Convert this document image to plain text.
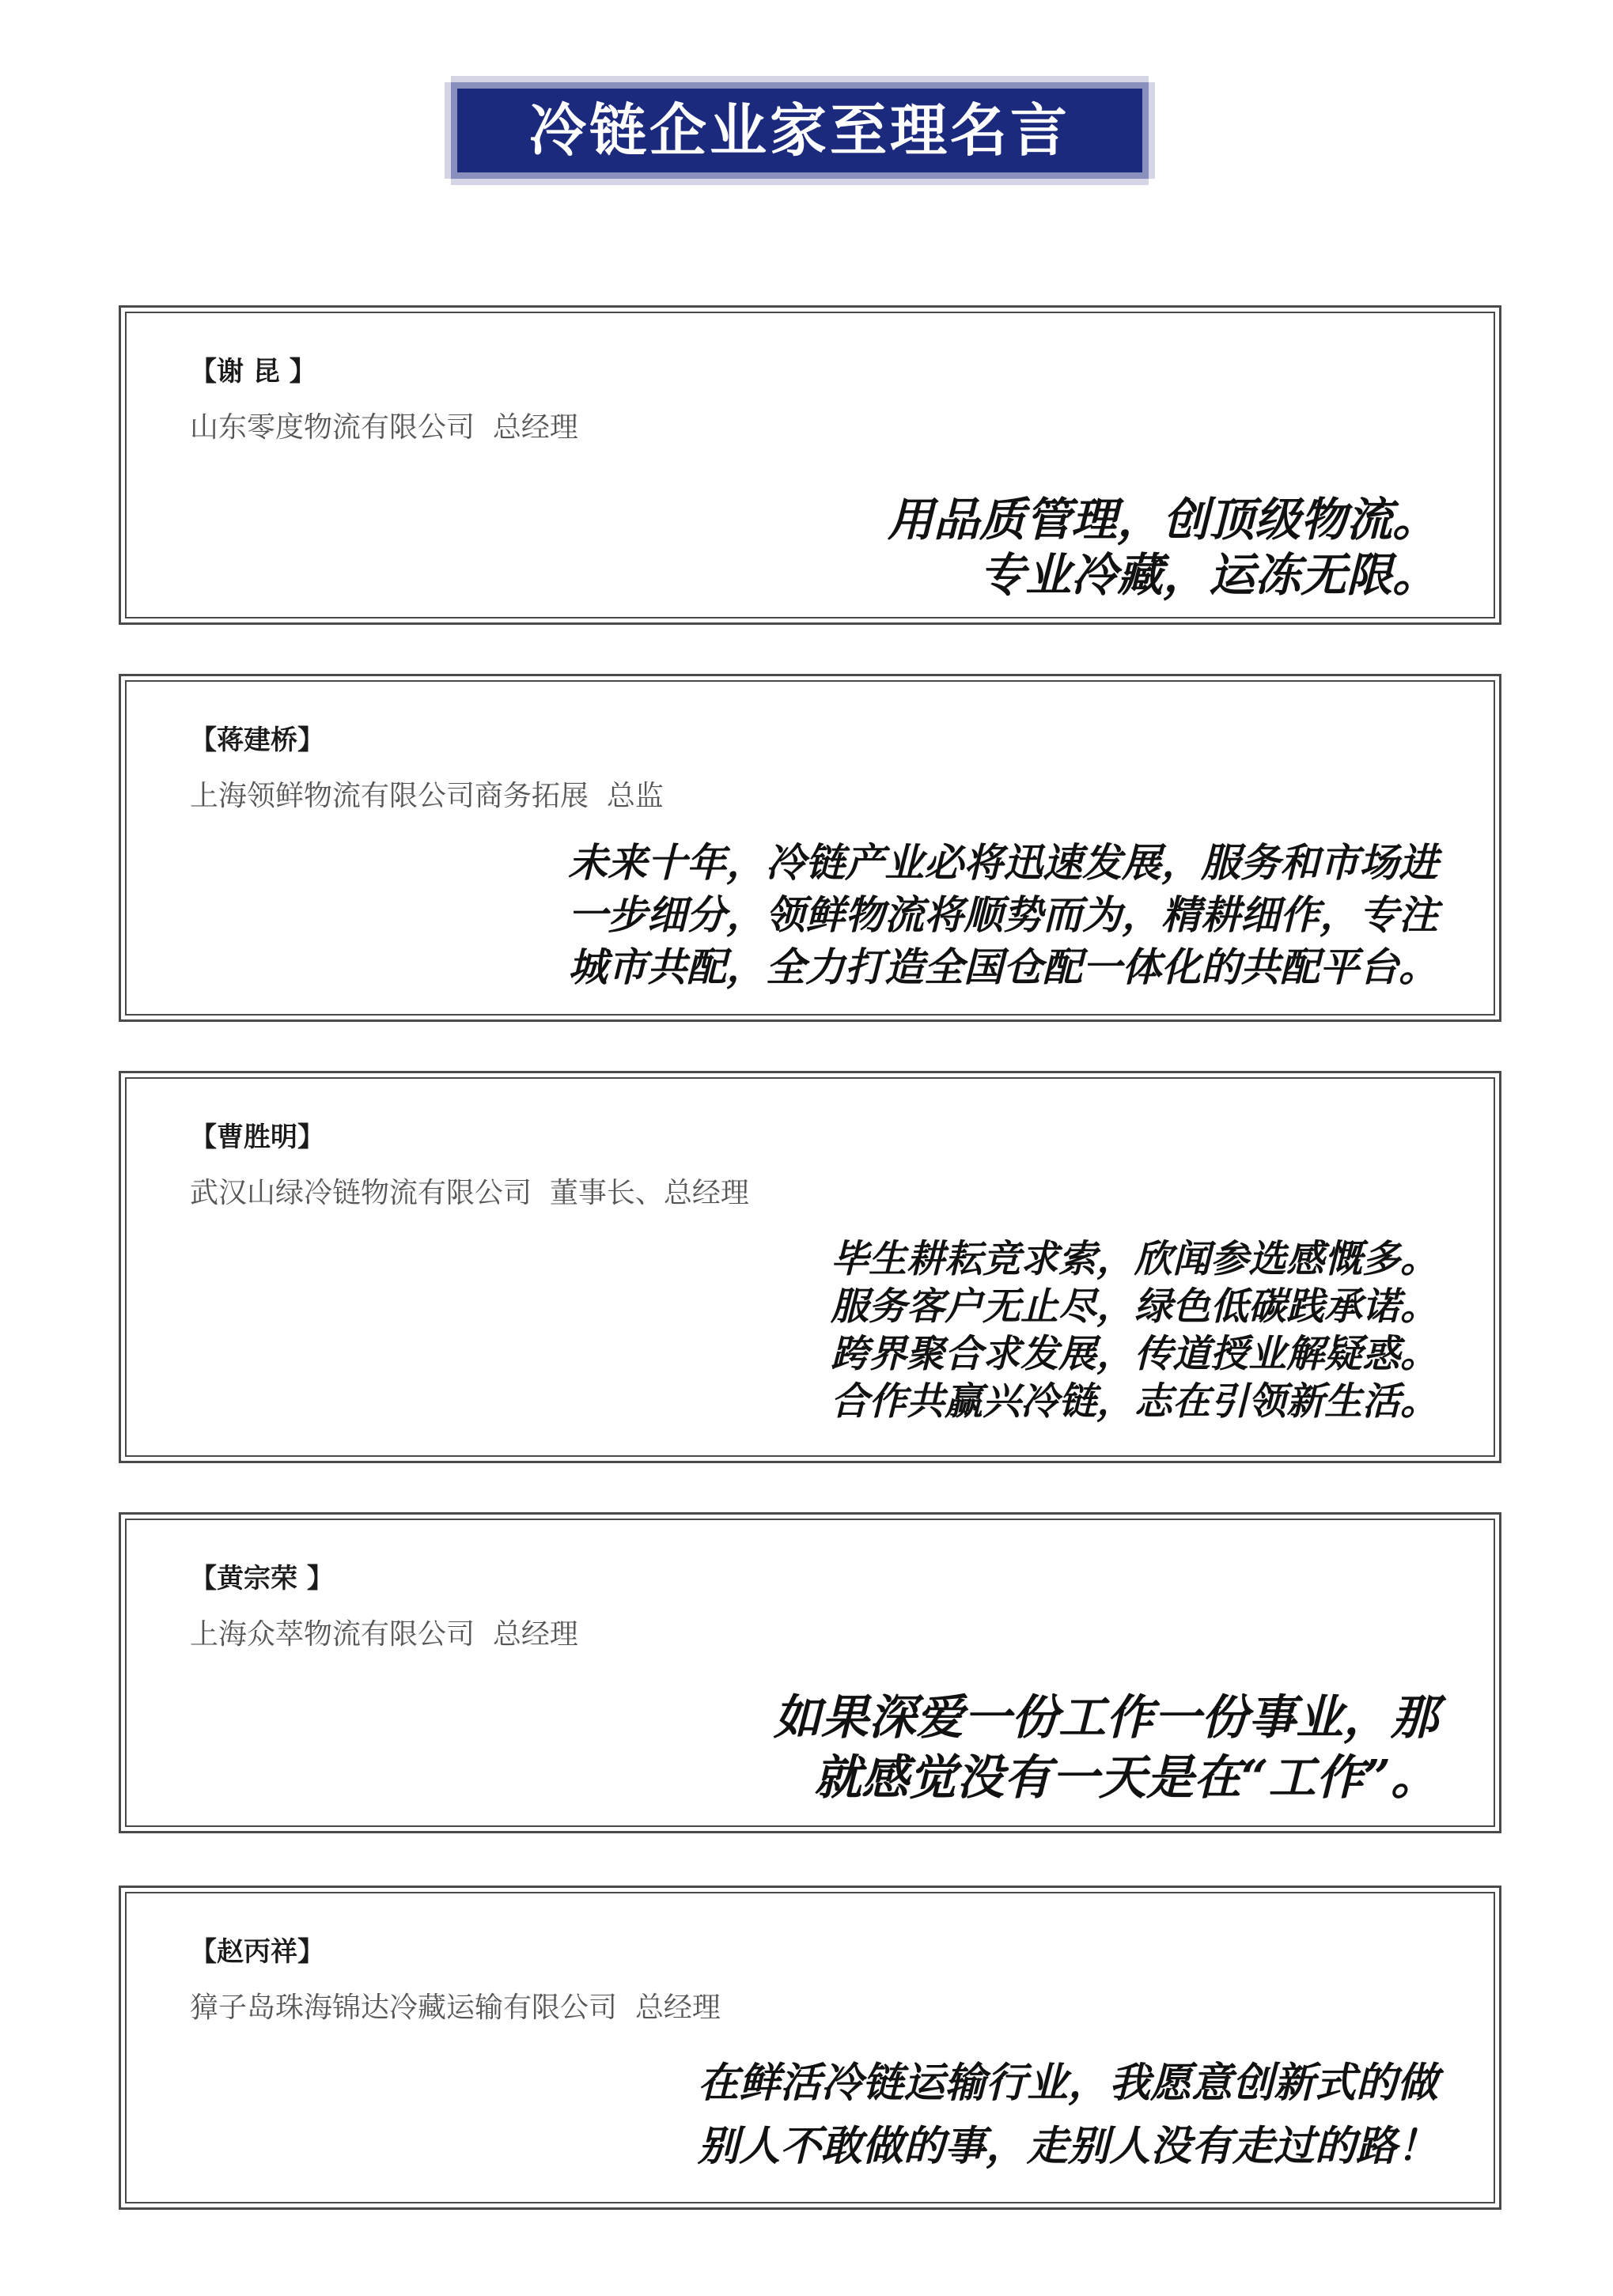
冷链企业家至理名言
【谢 昆 】
山东零度物流有限公司  总经理
用品质管理，创顶级物流。
专业冷藏，运冻无限。
【蒋建桥】
上海领鲜物流有限公司商务拓展  总监
未来十年，冷链产业必将迅速发展，服务和市场进
一步细分，领鲜物流将顺势而为，精耕细作，专注
城市共配，全力打造全国仓配一体化的共配平台。
【曹胜明】
武汉山绿冷链物流有限公司  董事长、总经理
毕生耕耘竞求索，欣闻参选感慨多。
服务客户无止尽，绿色低碳践承诺。
跨界聚合求发展，传道授业解疑惑。
合作共赢兴冷链，志在引领新生活。
【黄宗荣 】
上海众萃物流有限公司  总经理
如果深爱一份工作一份事业，那
就感觉没有一天是在“工作”。
【赵丙祥】
獐子岛珠海锦达冷藏运输有限公司  总经理
在鲜活冷链运输行业，我愿意创新式的做
别人不敢做的事，走别人没有走过的路！
